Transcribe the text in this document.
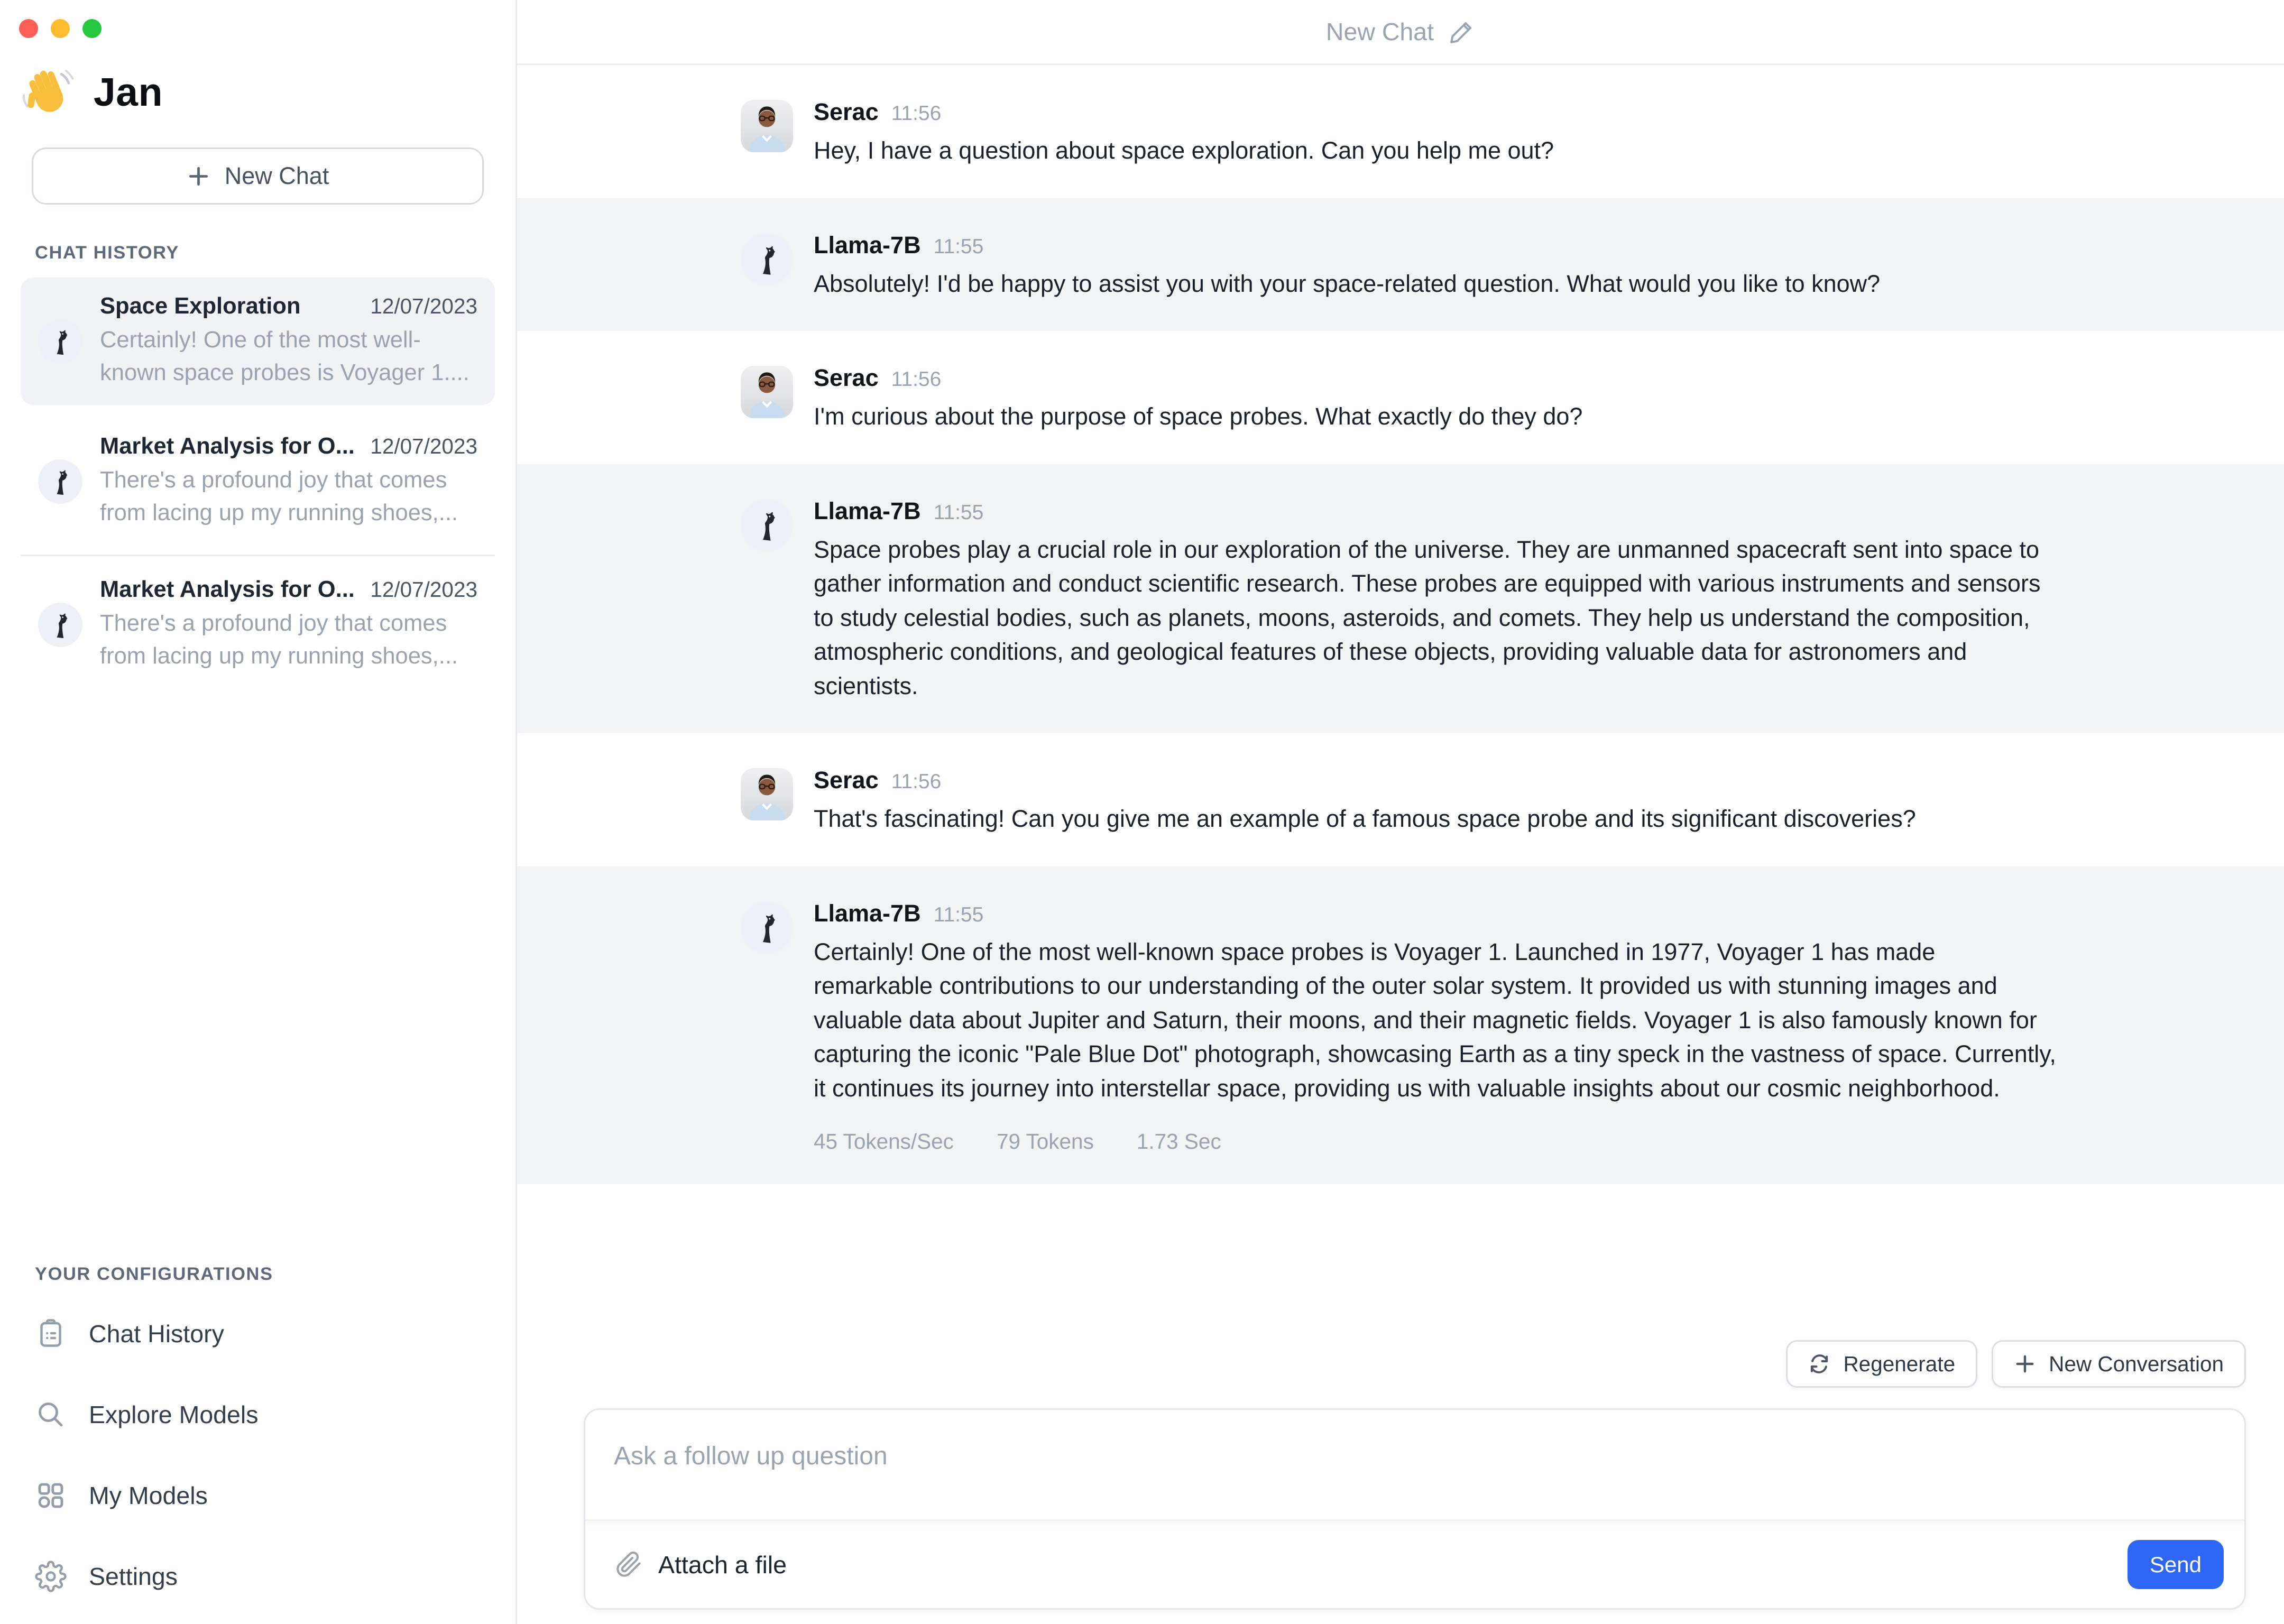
Jan
New Chat
CHAT HISTORY
Space Exploration	12/07/2023
Certainly! One of the most well-known space probes is Voyager 1....
Market Analysis for O... 12/07/2023
There's a profound joy that comes from lacing up my running shoes,...
Market Analysis for O... 12/07/2023
There's a profound joy that comes from lacing up my running shoes,...
YOUR CONFIGURATIONS
Chat History
Explore Models
My Models
Settings
New Chat
Serac 11:56
Hey, I have a question about space exploration. Can you help me out?
Llama-7B 11:55
Absolutely! I'd be happy to assist you with your space-related question. What would you like to know?
Serac 11:56
I'm curious about the purpose of space probes. What exactly do they do?
Llama-7B 11:55
Space probes play a crucial role in our exploration of the universe. They are unmanned spacecraft sent into space to gather information and conduct scientific research. These probes are equipped with various instruments and sensors to study celestial bodies, such as planets, moons, asteroids, and comets. They help us understand the composition, atmospheric conditions, and geological features of these objects, providing valuable data for astronomers and scientists.
Serac 11:56
That's fascinating! Can you give me an example of a famous space probe and its significant discoveries?
Llama-7B 11:55
Certainly! One of the most well-known space probes is Voyager 1. Launched in 1977, Voyager 1 has made remarkable contributions to our understanding of the outer solar system. It provided us with stunning images and valuable data about Jupiter and Saturn, their moons, and their magnetic fields. Voyager 1 is also famously known for capturing the iconic "Pale Blue Dot" photograph, showcasing Earth as a tiny speck in the vastness of space. Currently, it continues its journey into interstellar space, providing us with valuable insights about our cosmic neighborhood.
45 Tokens/Sec	79 Tokens	1.73 Sec
Regenerate	New Conversation
Ask a follow up question
Attach a file	Send
